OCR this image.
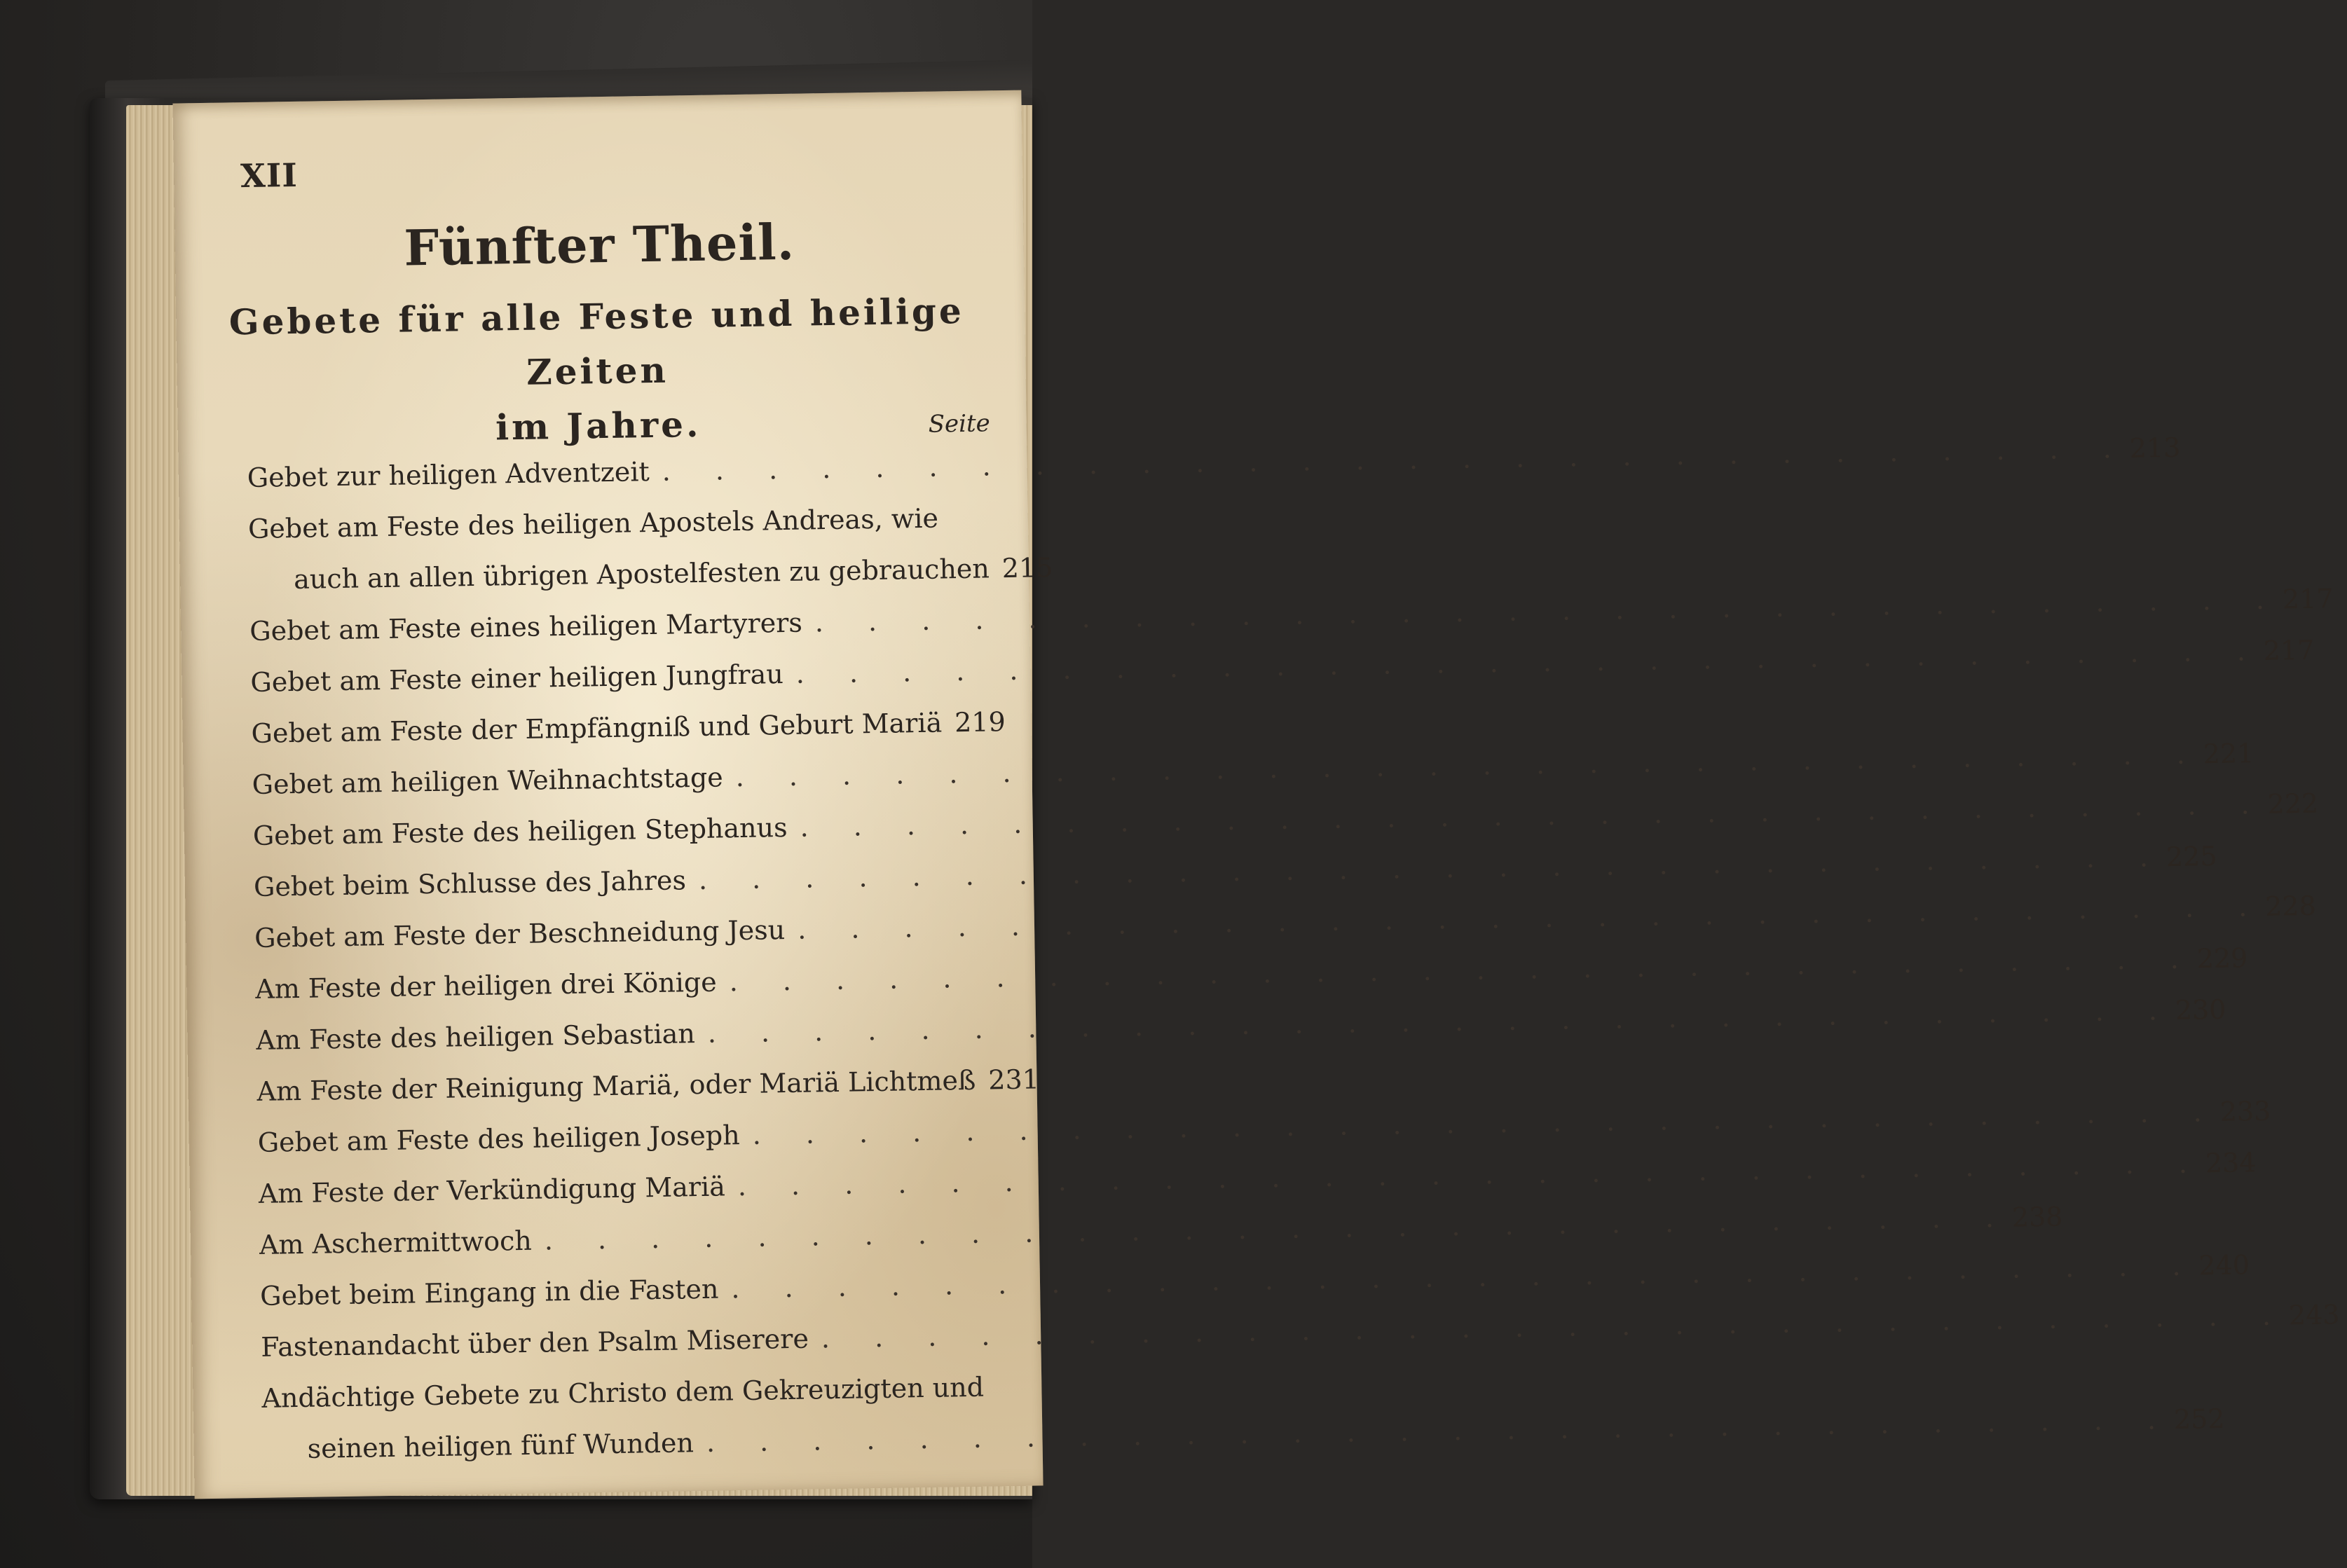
XII
Fünfter Theil.
Gebete für alle Feste und heilige Zeiten
im Jahre.	Seite
Gebet zur heiligen Adventzeit . . . . . . . . . . . . . . . . . . . . . . . . . . . . 213
Gebet am Feste des heiligen Apostels Andreas, wie
auch an allen übrigen Apostelfesten zu gebrauchen 215
Gebet am Feste eines heiligen Martyrers . . . . . . . . . . . . . . . . . . . . . . . . . . . . 217
Gebet am Feste einer heiligen Jungfrau . . . . . . . . . . . . . . . . . . . . . . . . . . . . 217
Gebet am Feste der Empfängniß und Geburt Mariä 219
Gebet am heiligen Weihnachtstage . . . . . . . . . . . . . . . . . . . . . . . . . . . . 221
Gebet am Feste des heiligen Stephanus . . . . . . . . . . . . . . . . . . . . . . . . . . . . 222
Gebet beim Schlusse des Jahres . . . . . . . . . . . . . . . . . . . . . . . . . . . . 225
Gebet am Feste der Beschneidung Jesu . . . . . . . . . . . . . . . . . . . . . . . . . . . . 228
Am Feste der heiligen drei Könige . . . . . . . . . . . . . . . . . . . . . . . . . . . . 229
Am Feste des heiligen Sebastian . . . . . . . . . . . . . . . . . . . . . . . . . . . . 230
Am Feste der Reinigung Mariä, oder Mariä Lichtmeß 231
Gebet am Feste des heiligen Joseph . . . . . . . . . . . . . . . . . . . . . . . . . . . . 233
Am Feste der Verkündigung Mariä . . . . . . . . . . . . . . . . . . . . . . . . . . . . 234
Am Aschermittwoch . . . . . . . . . . . . . . . . . . . . . . . . . . . . 238
Gebet beim Eingang in die Fasten . . . . . . . . . . . . . . . . . . . . . . . . . . . . 240
Fastenandacht über den Psalm Miserere . . . . . . . . . . . . . . . . . . . . . . . . . . . . 243
Andächtige Gebete zu Christo dem Gekreuzigten und
seinen heiligen fünf Wunden . . . . . . . . . . . . . . . . . . . . . . . . . . . . 252
